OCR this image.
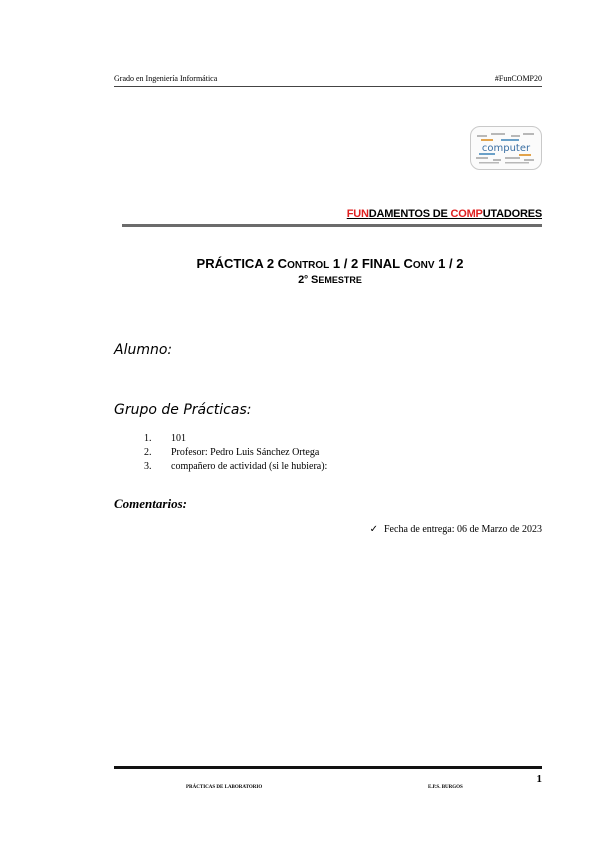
Grado en Ingeniería Informática	#FunCOMP20
computer
FUNDAMENTOS DE COMPUTADORES
PRÁCTICA 2 CONTROL 1 / 2 FINAL CONV 1 / 2
2$^o$ SEMESTRE
Alumno:
Grupo de Prácticas:
1.	101
2.	Profesor: Pedro Luis Sánchez Ortega
3.	compañero de actividad (si le hubiera):
Comentarios:
✓ Fecha de entrega: 06 de Marzo de 2023
1
PRÁCTICAS DE LABORATORIO	E.P.S. BURGOS
